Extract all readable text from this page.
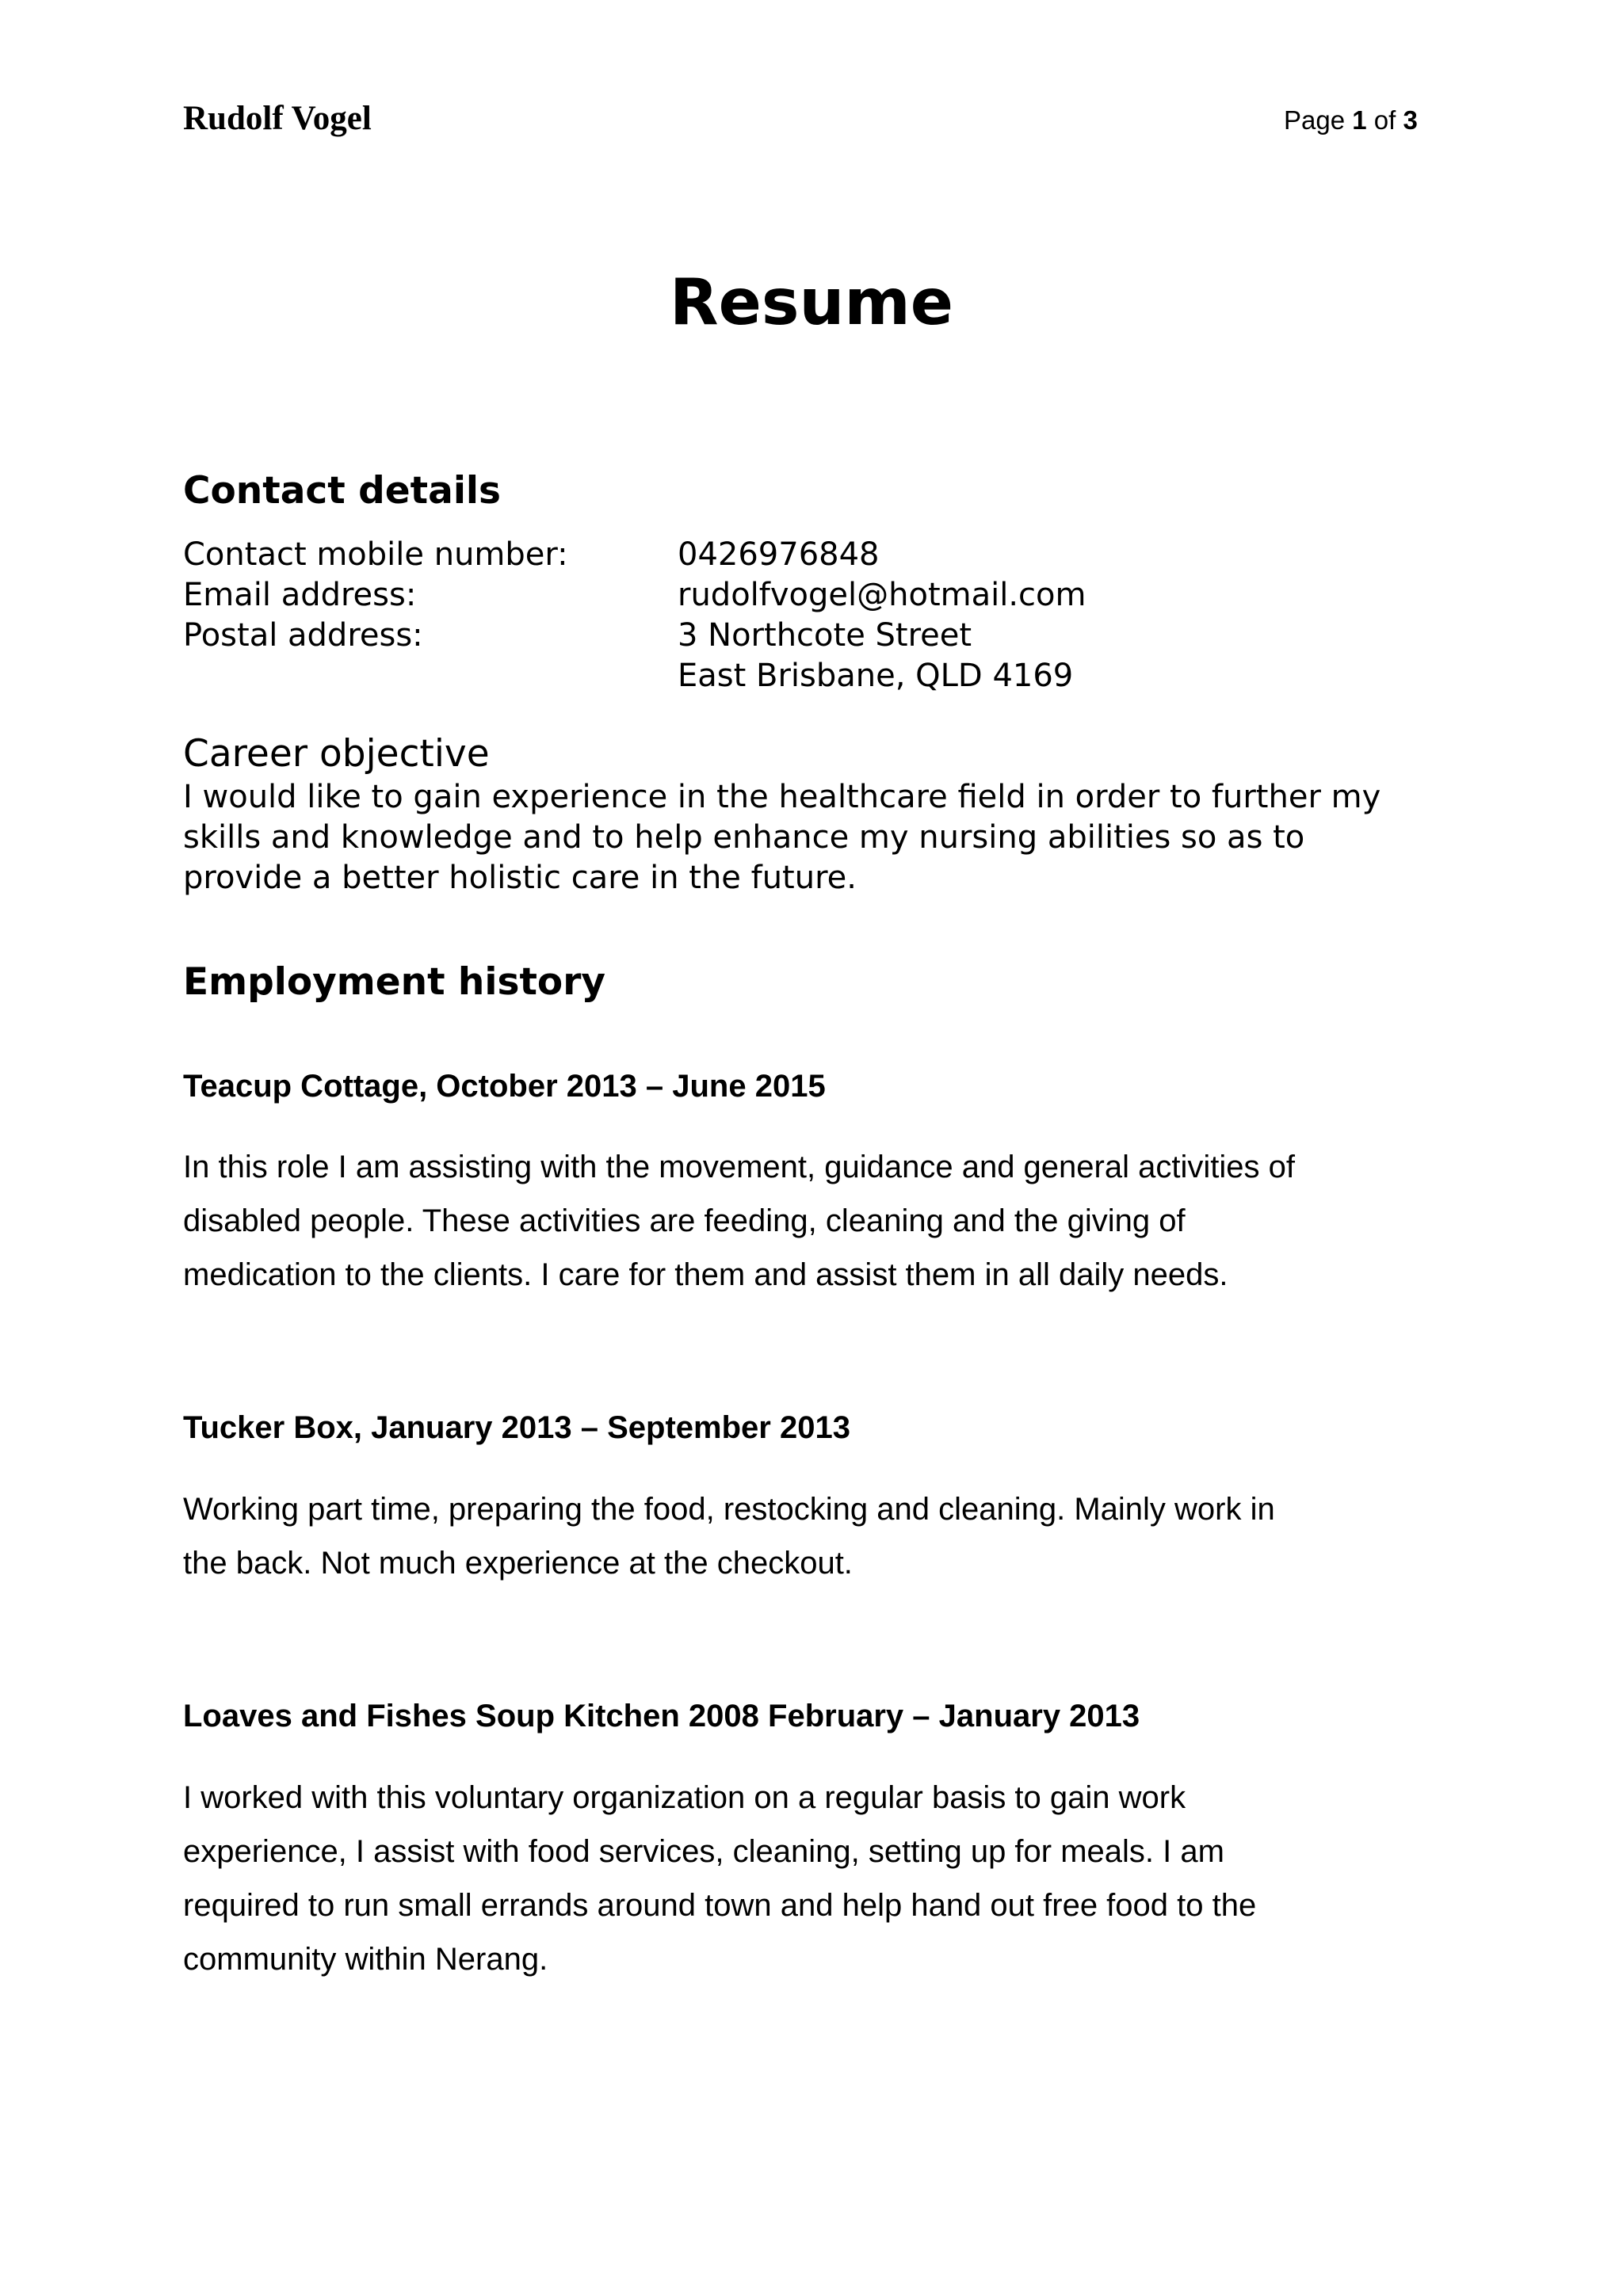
Rudolf Vogel	Page 1 of 3
Resume
Contact details
Contact mobile number:	0426976848
Email address:	rudolfvogel@hotmail.com
Postal address:	3 Northcote Street
East Brisbane, QLD 4169
Career objective
I would like to gain experience in the healthcare field in order to further my
skills and knowledge and to help enhance my nursing abilities so as to
provide a better holistic care in the future.
Employment history
Teacup Cottage, October 2013 – June 2015
In this role I am assisting with the movement, guidance and general activities of
disabled people. These activities are feeding, cleaning and the giving of
medication to the clients. I care for them and assist them in all daily needs.
Tucker Box, January 2013 – September 2013
Working part time, preparing the food, restocking and cleaning. Mainly work in
the back. Not much experience at the checkout.
Loaves and Fishes Soup Kitchen 2008 February – January 2013
I worked with this voluntary organization on a regular basis to gain work
experience, I assist with food services, cleaning, setting up for meals. I am
required to run small errands around town and help hand out free food to the
community within Nerang.
